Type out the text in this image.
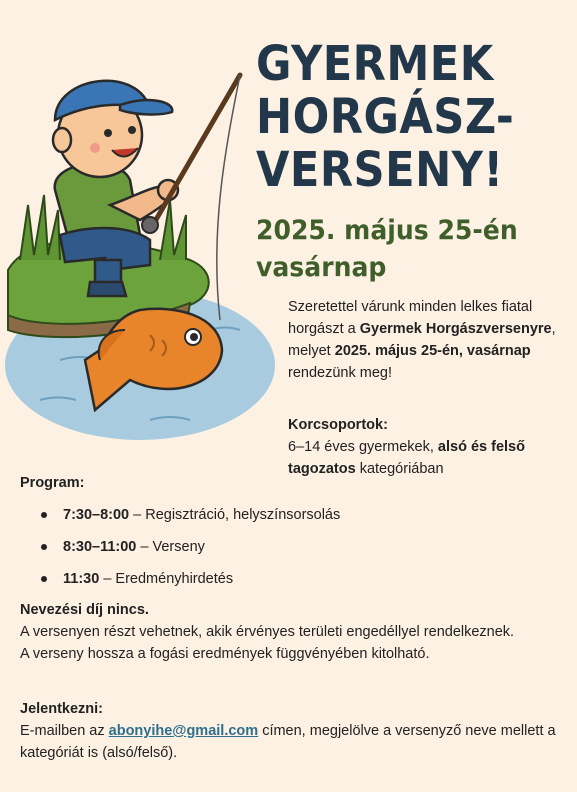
GYERMEK
HORGÁSZ-
VERSENY!
2025. május 25-én
vasárnap
Szeretettel várunk minden lelkes fiatal horgászt a Gyermek Horgászversenyre, melyet 2025. május 25-én, vasárnap rendezünk meg!
Korcsoportok:
6–14 éves gyermekek, alsó és felső tagozatos kategóriában
Program:
7:30–8:00 – Regisztráció, helyszínsorsolás
8:30–11:00 – Verseny
11:30 – Eredményhirdetés
Nevezési díj nincs.
A versenyen részt vehetnek, akik érvényes területi engedéllyel rendelkeznek.
A verseny hossza a fogási eredmények függvényében kitolható.
Jelentkezni:
E-mailben az abonyihe@gmail.com címen, megjelölve a versenyző neve mellett a kategóriát is (alsó/felső).
